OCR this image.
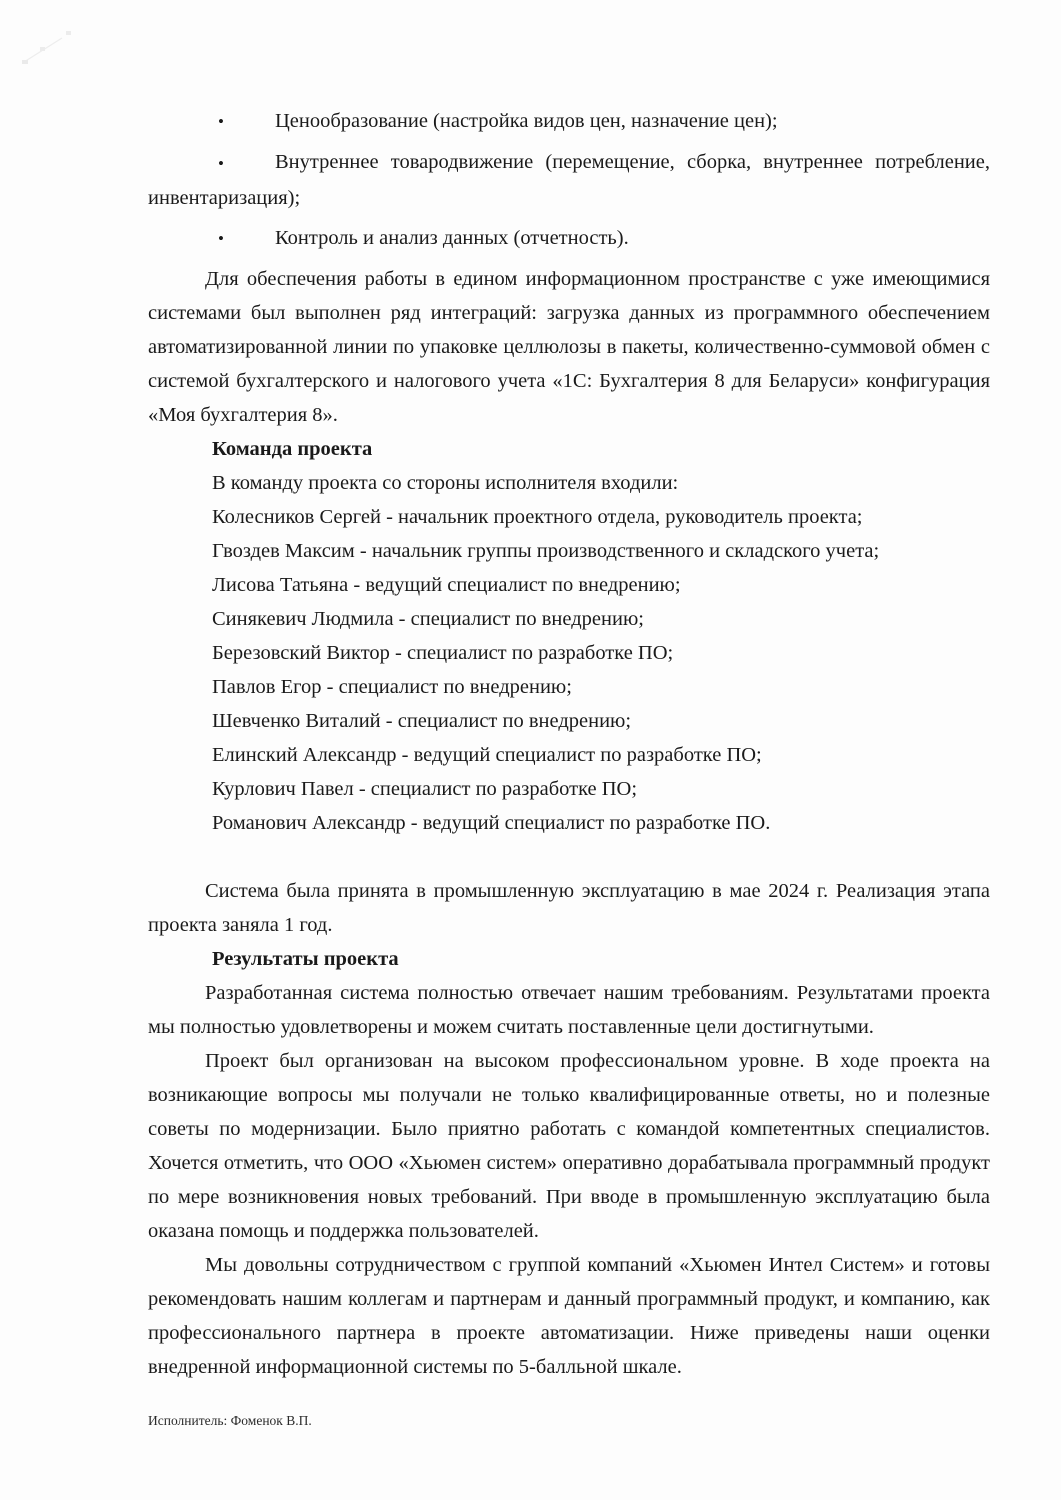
•Ценообразование (настройка видов цен, назначение цен);
•Внутреннее товародвижение (перемещение, сборка, внутреннее потребление, инвентаризация);
•Контроль и анализ данных (отчетность).

Для обеспечения работы в едином информационном пространстве с уже имеющимися системами был выполнен ряд интеграций: загрузка данных из программного обеспечением автоматизированной линии по упаковке целлюлозы в пакеты, количественно-суммовой обмен с системой бухгалтерского и налогового учета «1С: Бухгалтерия 8 для Беларуси» конфигурация «Моя бухгалтерия 8».

Команда проекта
В команду проекта со стороны исполнителя входили:
Колесников Сергей - начальник проектного отдела, руководитель проекта;
Гвоздев Максим - начальник группы производственного и складского учета;
Лисова Татьяна - ведущий специалист по внедрению;
Синякевич Людмила - специалист по внедрению;
Березовский Виктор - специалист по разработке ПО;
Павлов Егор - специалист по внедрению;
Шевченко Виталий - специалист по внедрению;
Елинский Александр - ведущий специалист по разработке ПО;
Курлович Павел - специалист по разработке ПО;
Романович Александр - ведущий специалист по разработке ПО.

Система была принята в промышленную эксплуатацию в мае 2024 г. Реализация этапа проекта заняла 1 год.

Результаты проекта

Разработанная система полностью отвечает нашим требованиям. Результатами проекта мы полностью удовлетворены и можем считать поставленные цели достигнутыми.

Проект был организован на высоком профессиональном уровне. В ходе проекта на возникающие вопросы мы получали не только квалифицированные ответы, но и полезные советы по модернизации. Было приятно работать с командой компетентных специалистов. Хочется отметить, что ООО «Хьюмен систем» оперативно дорабатывала программный продукт по мере возникновения новых требований. При вводе в промышленную эксплуатацию была оказана помощь и поддержка пользователей.

Мы довольны сотрудничеством с группой компаний «Хьюмен Интел Систем» и готовы рекомендовать нашим коллегам и партнерам и данный программный продукт, и компанию, как профессионального партнера в проекте автоматизации. Ниже приведены наши оценки внедренной информационной системы по 5-балльной шкале.

Исполнитель: Фоменок В.П.
